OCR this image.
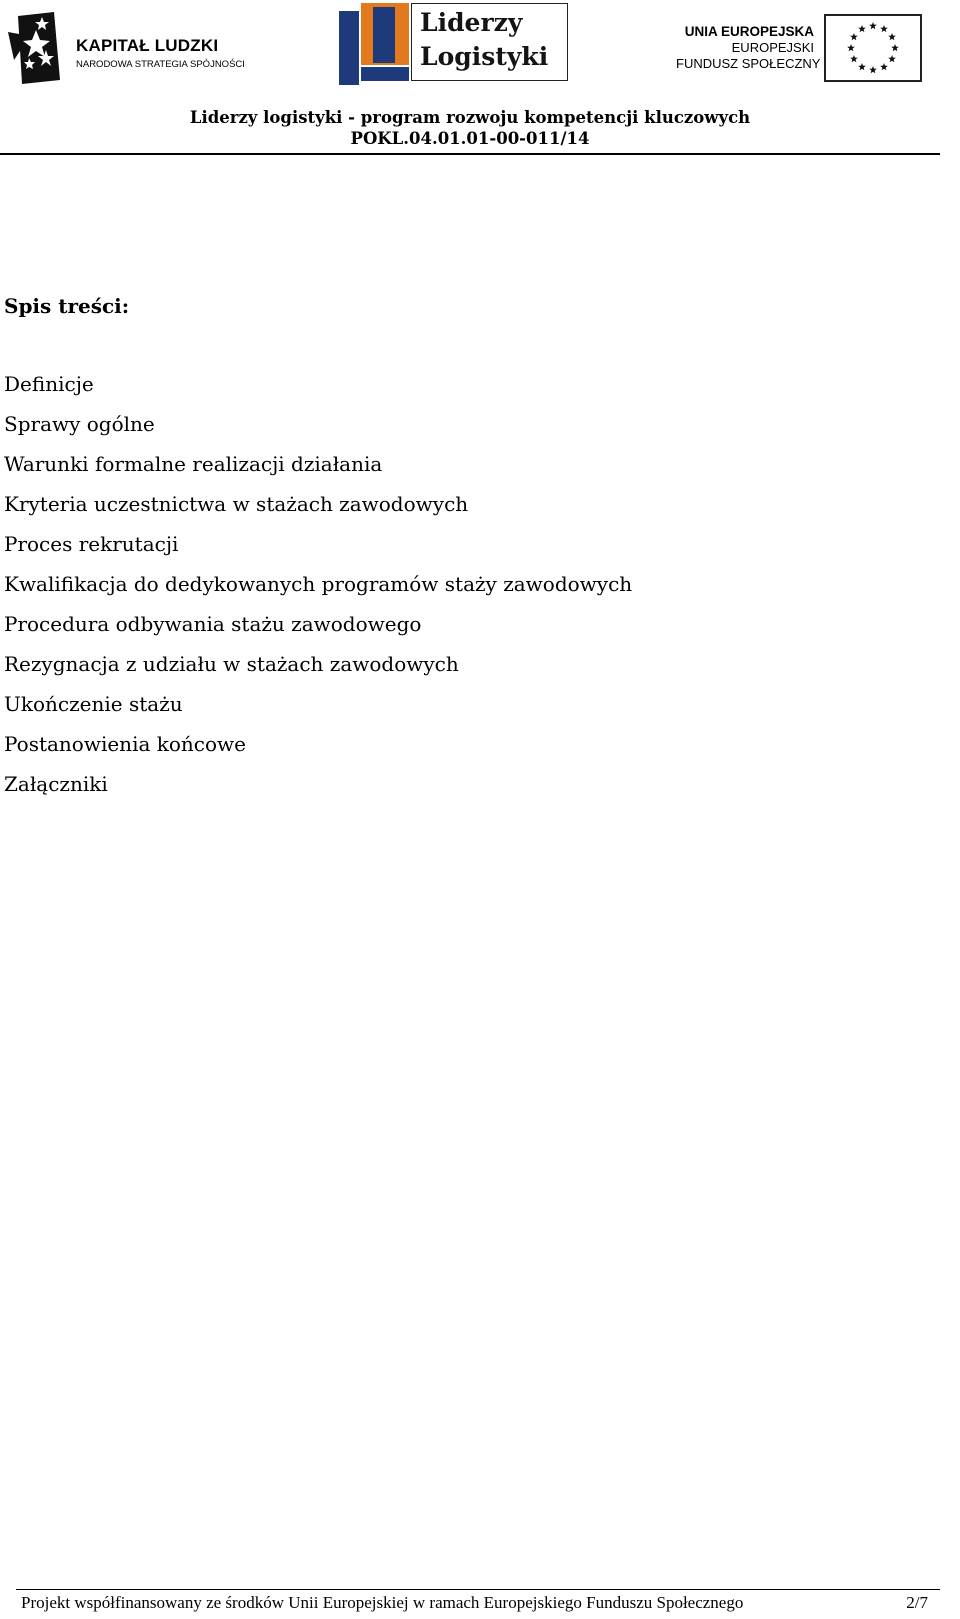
KAPITAŁ LUDZKI
NARODOWA STRATEGIA SPÓJNOŚCI
Liderzy
Logistyki
UNIA EUROPEJSKA
EUROPEJSKI
FUNDUSZ SPOŁECZNY
Liderzy logistyki - program rozwoju kompetencji kluczowych
POKL.04.01.01-00-011/14
Spis treści:
Definicje
Sprawy ogólne
Warunki formalne realizacji działania
Kryteria uczestnictwa w stażach zawodowych
Proces rekrutacji
Kwalifikacja do dedykowanych programów staży zawodowych
Procedura odbywania stażu zawodowego
Rezygnacja z udziału w stażach zawodowych
Ukończenie stażu
Postanowienia końcowe
Załączniki
Projekt współfinansowany ze środków Unii Europejskiej w ramach Europejskiego Funduszu Społecznego	2/7
